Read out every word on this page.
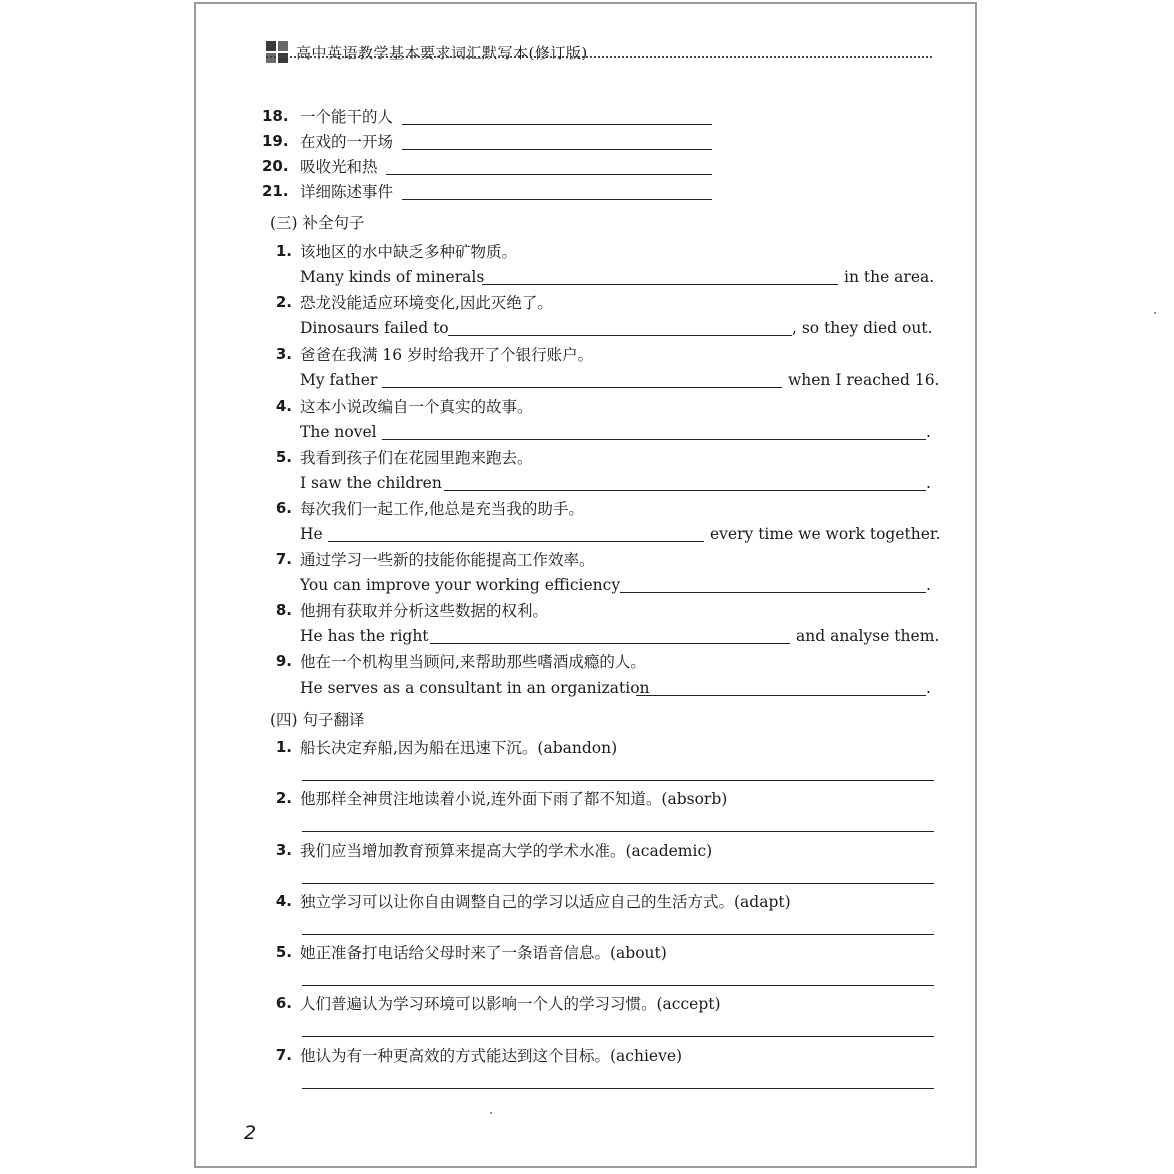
高中英语教学基本要求词汇默写本(修订版)
18. 一个能干的人
19. 在戏的一开场
20. 吸收光和热
21. 详细陈述事件
(三) 补全句子
1. 该地区的水中缺乏多种矿物质。
Many kinds of minerals	in the area.
2. 恐龙没能适应环境变化,因此灭绝了。
Dinosaurs failed to	, so they died out.
3. 爸爸在我满 16 岁时给我开了个银行账户。
My father	when I reached 16.
4. 这本小说改编自一个真实的故事。
The novel	.
5. 我看到孩子们在花园里跑来跑去。
I saw the children	.
6. 每次我们一起工作,他总是充当我的助手。
He	every time we work together.
7. 通过学习一些新的技能你能提高工作效率。
You can improve your working efficiency	.
8. 他拥有获取并分析这些数据的权利。
He has the right	and analyse them.
9. 他在一个机构里当顾问,来帮助那些嗜酒成瘾的人。
He serves as a consultant in an organization	.
(四) 句子翻译
1. 船长决定弃船,因为船在迅速下沉。(abandon)
2. 他那样全神贯注地读着小说,连外面下雨了都不知道。(absorb)
3. 我们应当增加教育预算来提高大学的学术水准。(academic)
4. 独立学习可以让你自由调整自己的学习以适应自己的生活方式。(adapt)
5. 她正准备打电话给父母时来了一条语音信息。(about)
6. 人们普遍认为学习环境可以影响一个人的学习习惯。(accept)
7. 他认为有一种更高效的方式能达到这个目标。(achieve)
2
